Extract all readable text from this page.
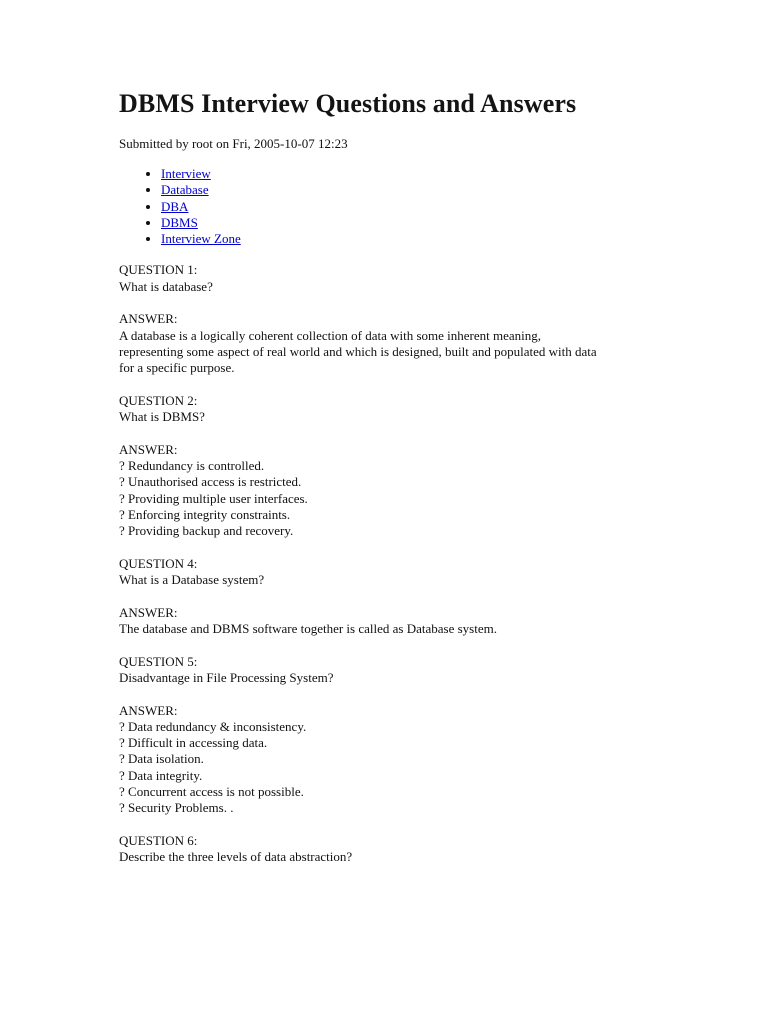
DBMS Interview Questions and Answers
Submitted by root on Fri, 2005-10-07 12:23
• Interview
• Database
• DBA
• DBMS
• Interview Zone
QUESTION 1:
What is database?
ANSWER:
A database is a logically coherent collection of data with some inherent meaning,
representing some aspect of real world and which is designed, built and populated with data
for a specific purpose.
QUESTION 2:
What is DBMS?
ANSWER:
? Redundancy is controlled.
? Unauthorised access is restricted.
? Providing multiple user interfaces.
? Enforcing integrity constraints.
? Providing backup and recovery.
QUESTION 4:
What is a Database system?
ANSWER:
The database and DBMS software together is called as Database system.
QUESTION 5:
Disadvantage in File Processing System?
ANSWER:
? Data redundancy & inconsistency.
? Difficult in accessing data.
? Data isolation.
? Data integrity.
? Concurrent access is not possible.
? Security Problems. .
QUESTION 6:
Describe the three levels of data abstraction?
